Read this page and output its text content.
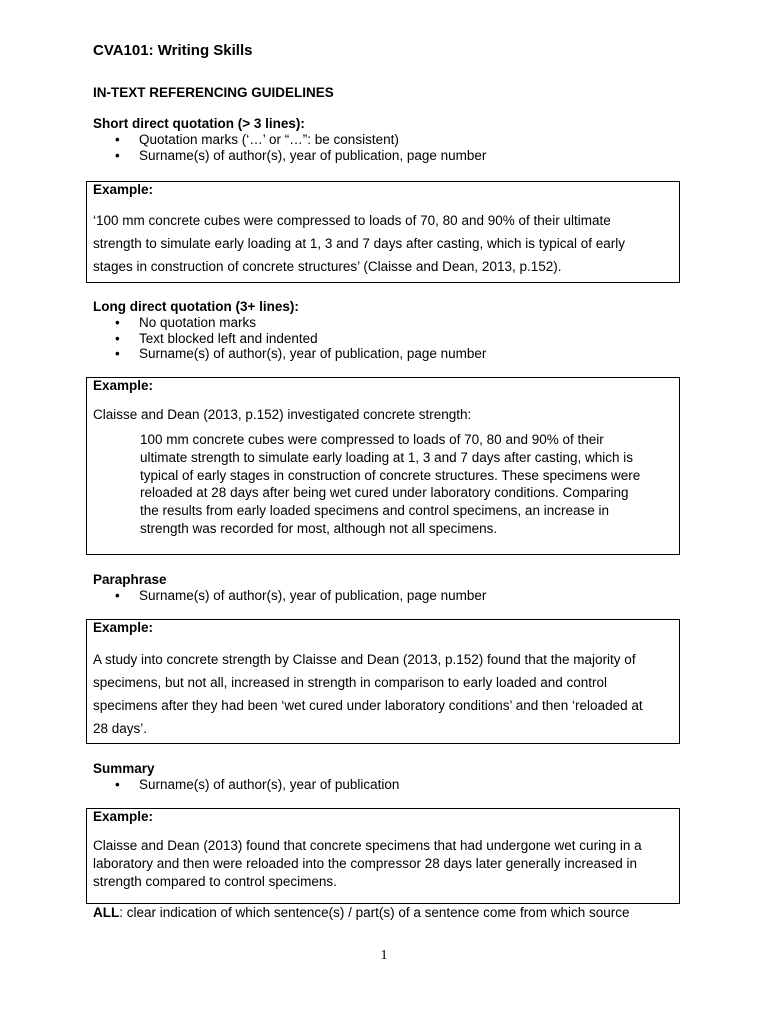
CVA101: Writing Skills
IN-TEXT REFERENCING GUIDELINES
Short direct quotation (> 3 lines):
• Quotation marks (‘…’ or “…”: be consistent)
• Surname(s) of author(s), year of publication, page number
Example:
‘100 mm concrete cubes were compressed to loads of 70, 80 and 90% of their ultimate
strength to simulate early loading at 1, 3 and 7 days after casting, which is typical of early
stages in construction of concrete structures’ (Claisse and Dean, 2013, p.152).
Long direct quotation (3+ lines):
• No quotation marks
• Text blocked left and indented
• Surname(s) of author(s), year of publication, page number
Example:
Claisse and Dean (2013, p.152) investigated concrete strength:
100 mm concrete cubes were compressed to loads of 70, 80 and 90% of their
ultimate strength to simulate early loading at 1, 3 and 7 days after casting, which is
typical of early stages in construction of concrete structures. These specimens were
reloaded at 28 days after being wet cured under laboratory conditions. Comparing
the results from early loaded specimens and control specimens, an increase in
strength was recorded for most, although not all specimens.
Paraphrase
• Surname(s) of author(s), year of publication, page number
Example:
A study into concrete strength by Claisse and Dean (2013, p.152) found that the majority of
specimens, but not all, increased in strength in comparison to early loaded and control
specimens after they had been ‘wet cured under laboratory conditions’ and then ‘reloaded at
28 days’.
Summary
• Surname(s) of author(s), year of publication
Example:
Claisse and Dean (2013) found that concrete specimens that had undergone wet curing in a
laboratory and then were reloaded into the compressor 28 days later generally increased in
strength compared to control specimens.
ALL: clear indication of which sentence(s) / part(s) of a sentence come from which source
1
